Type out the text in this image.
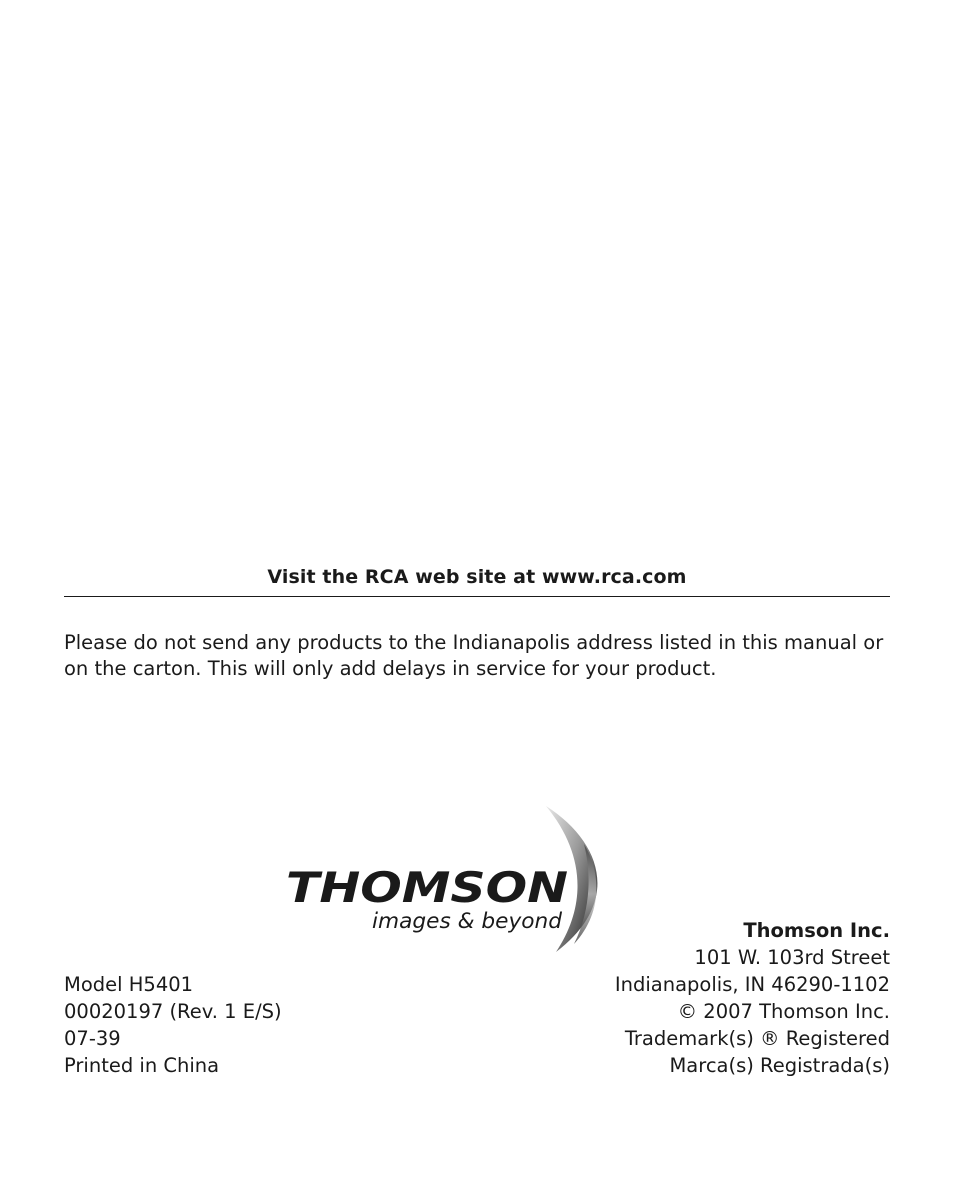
Visit the RCA web site at www.rca.com
Please do not send any products to the Indianapolis address listed in this manual or on the carton. This will only add delays in service for your product.
THOMSON
images & beyond
Model H5401
00020197 (Rev. 1 E/S)
07-39
Printed in China
Thomson Inc.
101 W. 103rd Street
Indianapolis, IN 46290-1102
© 2007 Thomson Inc.
Trademark(s) ® Registered
Marca(s) Registrada(s)
